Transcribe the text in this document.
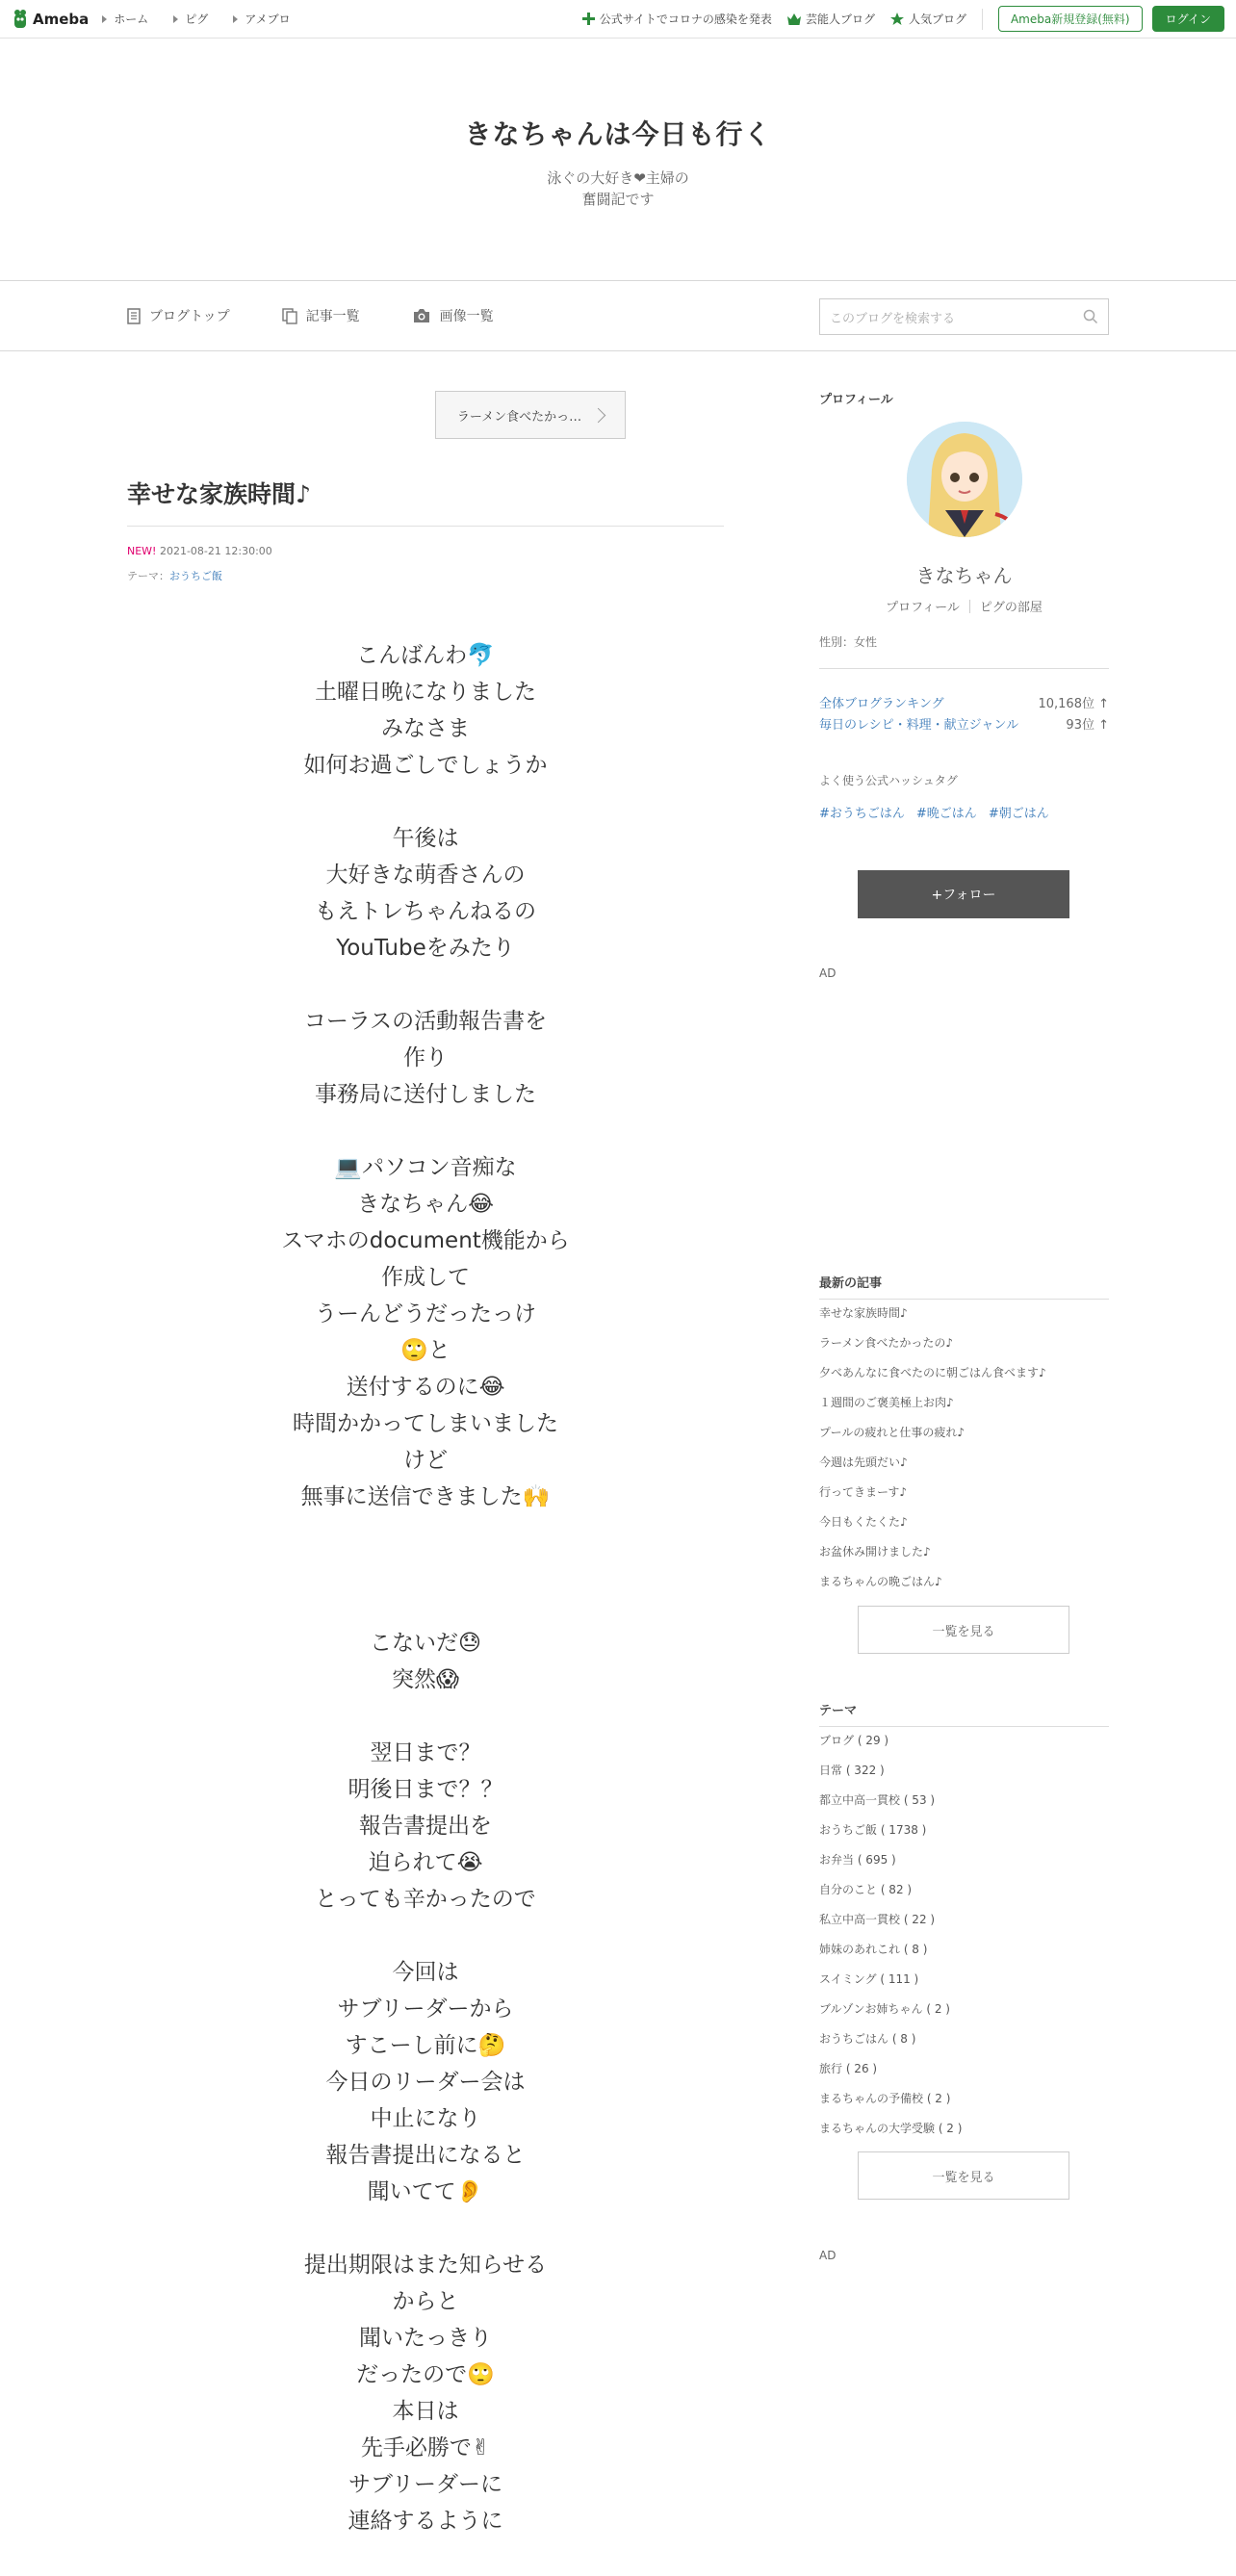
Ameba ホーム	ピグ	アメブロ	公式サイトでコロナの感染を発表	芸能人ブログ	人気ブログ	Ameba新規登録(無料)	ログイン
きなちゃんは今日も行く
泳ぐの大好き❤主婦の
奮闘記です
ブログトップ	記事一覧	画像一覧	このブログを検索する
ラーメン食べたかっ…
幸せな家族時間♪
NEW! 2021-08-21 12:30:00
テーマ：おうちご飯
こんばんわ🐬
土曜日晩になりました
みなさま
如何お過ごしでしょうか
午後は
大好きな萌香さんの
もえトレちゃんねるの
YouTubeをみたり
コーラスの活動報告書を
作り
事務局に送付しました
💻パソコン音痴な
きなちゃん😂
スマホのdocument機能から
作成して
うーんどうだったっけ
🙄と
送付するのに😂
時間かかってしまいました
けど
無事に送信できました🙌
こないだ😓
突然😱
翌日まで？
明後日まで？？
報告書提出を
迫られて😭
とっても辛かったので
今回は
サブリーダーから
すこーし前に🤔
今日のリーダー会は
中止になり
報告書提出になると
聞いてて👂
提出期限はまた知らせる
からと
聞いたっきり
だったので🙄
本日は
先手必勝で✌
サブリーダーに
連絡するように
プロフィール
きなちゃん
プロフィール ピグの部屋
性別：女性
全体ブログランキング	10,168位 ↑
毎日のレシピ・料理・献立ジャンル	93位 ↑
よく使う公式ハッシュタグ
#おうちごはん #晩ごはん #朝ごはん
+フォロー
AD
最新の記事
幸せな家族時間♪
ラーメン食べたかったの♪
夕べあんなに食べたのに朝ごはん食べます♪
１週間のご褒美極上お肉♪
プールの疲れと仕事の疲れ♪
今週は先頭だい♪
行ってきまーす♪
今日もくたくた♪
お盆休み開けました♪
まるちゃんの晩ごはん♪
一覧を見る
テーマ
ブログ ( 29 )
日常 ( 322 )
都立中高一貫校 ( 53 )
おうちご飯 ( 1738 )
お弁当 ( 695 )
自分のこと ( 82 )
私立中高一貫校 ( 22 )
姉妹のあれこれ ( 8 )
スイミング ( 111 )
ブルゾンお姉ちゃん ( 2 )
おうちごはん ( 8 )
旅行 ( 26 )
まるちゃんの予備校 ( 2 )
まるちゃんの大学受験 ( 2 )
一覧を見る
AD
